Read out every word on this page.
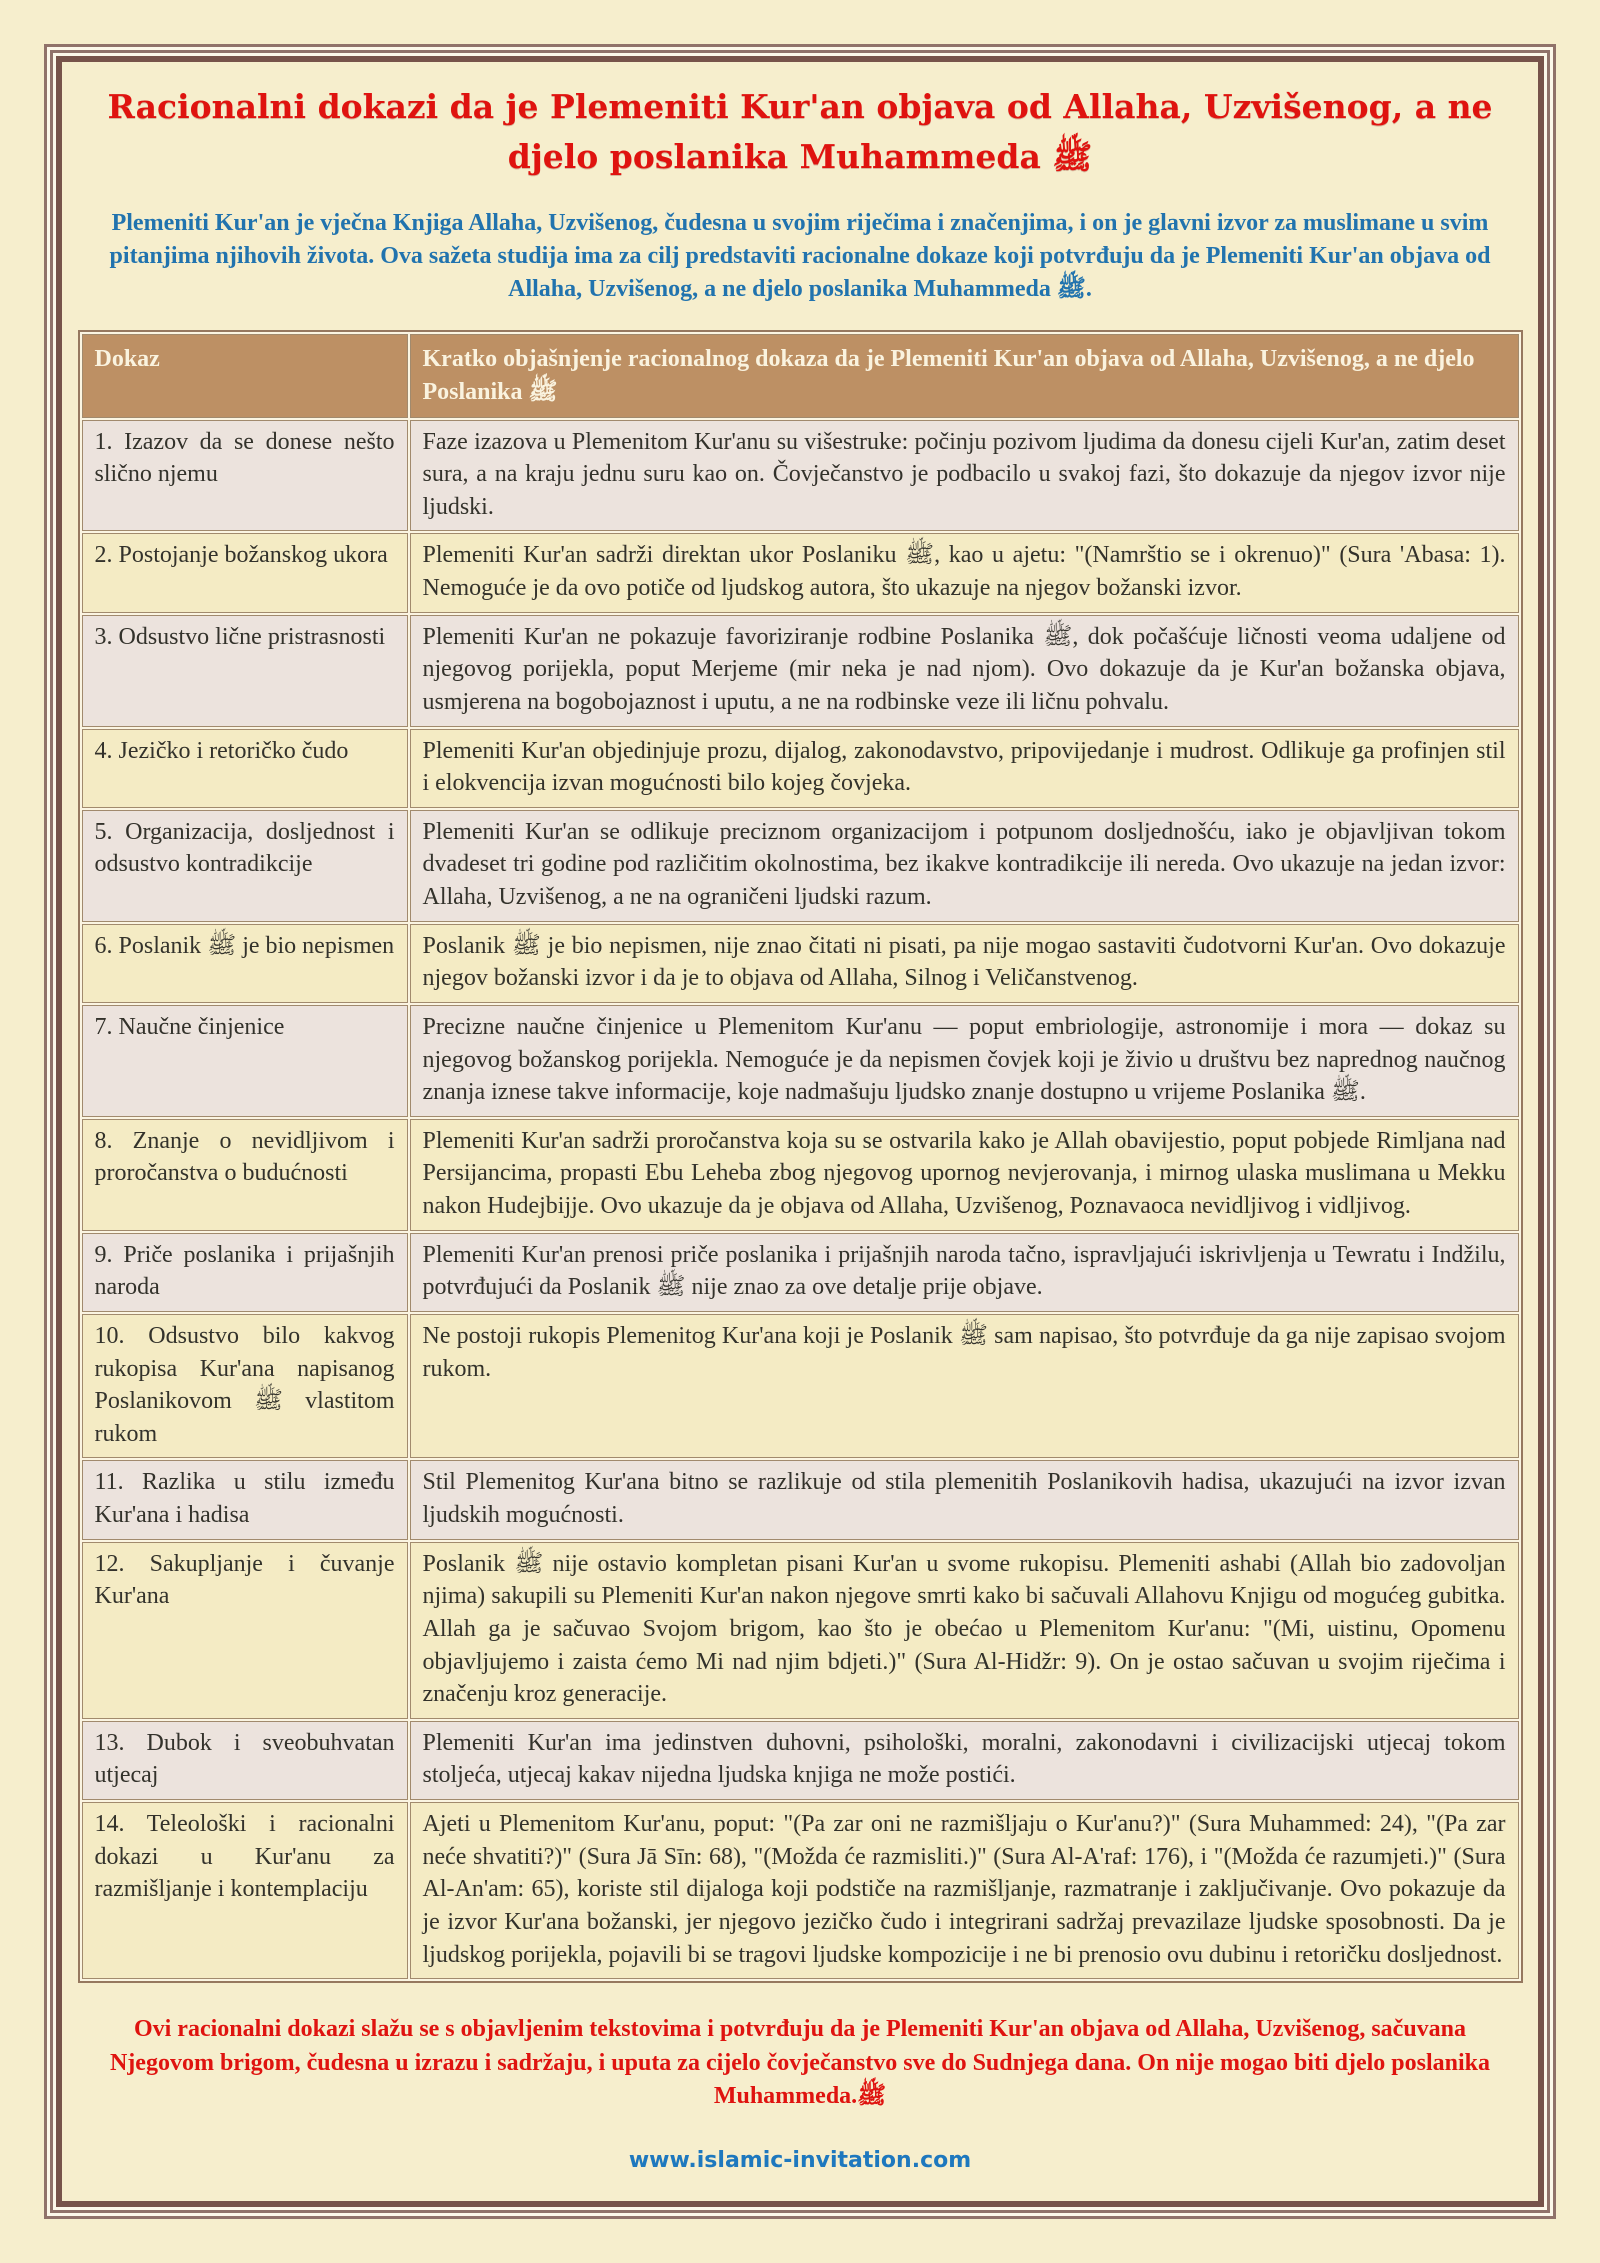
Racionalni dokazi da je Plemeniti Kur'an objava od Allaha, Uzvišenog, a ne djelo poslanika Muhammeda ﷺ

Plemeniti Kur'an je vječna Knjiga Allaha, Uzvišenog, čudesna u svojim riječima i značenjima, i on je glavni izvor za muslimane u svim pitanjima njihovih života. Ova sažeta studija ima za cilj predstaviti racionalne dokaze koji potvrđuju da je Plemeniti Kur'an objava od Allaha, Uzvišenog, a ne djelo poslanika Muhammeda ﷺ.

Dokaz	Kratko objašnjenje racionalnog dokaza da je Plemeniti Kur'an objava od Allaha, Uzvišenog, a ne djelo Poslanika ﷺ
1. Izazov da se donese nešto slično njemu	Faze izazova u Plemenitom Kur'anu su višestruke: počinju pozivom ljudima da donesu cijeli Kur'an, zatim deset sura, a na kraju jednu suru kao on. Čovječanstvo je podbacilo u svakoj fazi, što dokazuje da njegov izvor nije ljudski.
2. Postojanje božanskog ukora	Plemeniti Kur'an sadrži direktan ukor Poslaniku ﷺ, kao u ajetu: "(Namrštio se i okrenuo)" (Sura 'Abasa: 1). Nemoguće je da ovo potiče od ljudskog autora, što ukazuje na njegov božanski izvor.
3. Odsustvo lične pristrasnosti	Plemeniti Kur'an ne pokazuje favoriziranje rodbine Poslanika ﷺ, dok počašćuje ličnosti veoma udaljene od njegovog porijekla, poput Merjeme (mir neka je nad njom). Ovo dokazuje da je Kur'an božanska objava, usmjerena na bogobojaznost i uputu, a ne na rodbinske veze ili ličnu pohvalu.
4. Jezičko i retoričko čudo	Plemeniti Kur'an objedinjuje prozu, dijalog, zakonodavstvo, pripovijedanje i mudrost. Odlikuje ga profinjen stil i elokvencija izvan mogućnosti bilo kojeg čovjeka.
5. Organizacija, dosljednost i odsustvo kontradikcije	Plemeniti Kur'an se odlikuje preciznom organizacijom i potpunom dosljednošću, iako je objavljivan tokom dvadeset tri godine pod različitim okolnostima, bez ikakve kontradikcije ili nereda. Ovo ukazuje na jedan izvor: Allaha, Uzvišenog, a ne na ograničeni ljudski razum.
6. Poslanik ﷺ je bio nepismen	Poslanik ﷺ je bio nepismen, nije znao čitati ni pisati, pa nije mogao sastaviti čudotvorni Kur'an. Ovo dokazuje njegov božanski izvor i da je to objava od Allaha, Silnog i Veličanstvenog.
7. Naučne činjenice	Precizne naučne činjenice u Plemenitom Kur'anu — poput embriologije, astronomije i mora — dokaz su njegovog božanskog porijekla. Nemoguće je da nepismen čovjek koji je živio u društvu bez naprednog naučnog znanja iznese takve informacije, koje nadmašuju ljudsko znanje dostupno u vrijeme Poslanika ﷺ.
8. Znanje o nevidljivom i proročanstva o budućnosti	Plemeniti Kur'an sadrži proročanstva koja su se ostvarila kako je Allah obavijestio, poput pobjede Rimljana nad Persijancima, propasti Ebu Leheba zbog njegovog upornog nevjerovanja, i mirnog ulaska muslimana u Mekku nakon Hudejbijje. Ovo ukazuje da je objava od Allaha, Uzvišenog, Poznavaoca nevidljivog i vidljivog.
9. Priče poslanika i prijašnjih naroda	Plemeniti Kur'an prenosi priče poslanika i prijašnjih naroda tačno, ispravljajući iskrivljenja u Tewratu i Indžilu, potvrđujući da Poslanik ﷺ nije znao za ove detalje prije objave.
10. Odsustvo bilo kakvog rukopisa Kur'ana napisanog Poslanikovom ﷺ vlastitom rukom	Ne postoji rukopis Plemenitog Kur'ana koji je Poslanik ﷺ sam napisao, što potvrđuje da ga nije zapisao svojom rukom.
11. Razlika u stilu između Kur'ana i hadisa	Stil Plemenitog Kur'ana bitno se razlikuje od stila plemenitih Poslanikovih hadisa, ukazujući na izvor izvan ljudskih mogućnosti.
12. Sakupljanje i čuvanje Kur'ana	Poslanik ﷺ nije ostavio kompletan pisani Kur'an u svome rukopisu. Plemeniti ashabi (Allah bio zadovoljan njima) sakupili su Plemeniti Kur'an nakon njegove smrti kako bi sačuvali Allahovu Knjigu od mogućeg gubitka. Allah ga je sačuvao Svojom brigom, kao što je obećao u Plemenitom Kur'anu: "(Mi, uistinu, Opomenu objavljujemo i zaista ćemo Mi nad njim bdjeti.)" (Sura Al-Hidžr: 9). On je ostao sačuvan u svojim riječima i značenju kroz generacije.
13. Dubok i sveobuhvatan utjecaj	Plemeniti Kur'an ima jedinstven duhovni, psihološki, moralni, zakonodavni i civilizacijski utjecaj tokom stoljeća, utjecaj kakav nijedna ljudska knjiga ne može postići.
14. Teleološki i racionalni dokazi u Kur'anu za razmišljanje i kontemplaciju	Ajeti u Plemenitom Kur'anu, poput: "(Pa zar oni ne razmišljaju o Kur'anu?)" (Sura Muhammed: 24), "(Pa zar neće shvatiti?)" (Sura Jā Sīn: 68), "(Možda će razmisliti.)" (Sura Al-A'raf: 176), i "(Možda će razumjeti.)" (Sura Al-An'am: 65), koriste stil dijaloga koji podstiče na razmišljanje, razmatranje i zaključivanje. Ovo pokazuje da je izvor Kur'ana božanski, jer njegovo jezičko čudo i integrirani sadržaj prevazilaze ljudske sposobnosti. Da je ljudskog porijekla, pojavili bi se tragovi ljudske kompozicije i ne bi prenosio ovu dubinu i retoričku dosljednost.

Ovi racionalni dokazi slažu se s objavljenim tekstovima i potvrđuju da je Plemeniti Kur'an objava od Allaha, Uzvišenog, sačuvana Njegovom brigom, čudesna u izrazu i sadržaju, i uputa za cijelo čovječanstvo sve do Sudnjega dana. On nije mogao biti djelo poslanika Muhammeda.ﷺ

www.islamic-invitation.com
